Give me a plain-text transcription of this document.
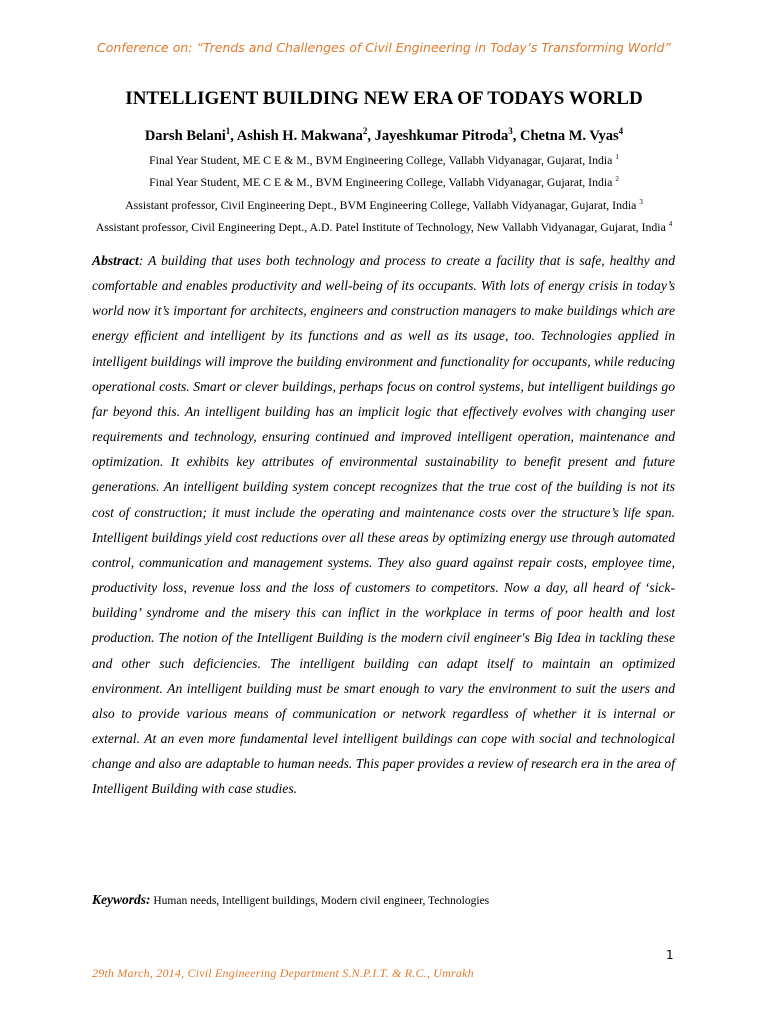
Conference on: “Trends and Challenges of Civil Engineering in Today’s Transforming World”
INTELLIGENT BUILDING NEW ERA OF TODAYS WORLD
Darsh Belani$^1$, Ashish H. Makwana$^2$, Jayeshkumar Pitroda$^3$, Chetna M. Vyas$^4$
Final Year Student, ME C E & M., BVM Engineering College, Vallabh Vidyanagar, Gujarat, India $^1$
Final Year Student, ME C E & M., BVM Engineering College, Vallabh Vidyanagar, Gujarat, India $^2$
Assistant professor, Civil Engineering Dept., BVM Engineering College, Vallabh Vidyanagar, Gujarat, India $^3$
Assistant professor, Civil Engineering Dept., A.D. Patel Institute of Technology, New Vallabh Vidyanagar, Gujarat, India $^4$
Abstract: A building that uses both technology and process to create a facility that is safe, healthy and comfortable and enables productivity and well-being of its occupants. With lots of energy crisis in today’s world now it’s important for architects, engineers and construction managers to make buildings which are energy efficient and intelligent by its functions and as well as its usage, too. Technologies applied in intelligent buildings will improve the building environment and functionality for occupants, while reducing operational costs. Smart or clever buildings, perhaps focus on control systems, but intelligent buildings go far beyond this. An intelligent building has an implicit logic that effectively evolves with changing user requirements and technology, ensuring continued and improved intelligent operation, maintenance and optimization. It exhibits key attributes of environmental sustainability to benefit present and future generations. An intelligent building system concept recognizes that the true cost of the building is not its cost of construction; it must include the operating and maintenance costs over the structure’s life span. Intelligent buildings yield cost reductions over all these areas by optimizing energy use through automated control, communication and management systems. They also guard against repair costs, employee time, productivity loss, revenue loss and the loss of customers to competitors. Now a day, all heard of ‘sick-building’ syndrome and the misery this can inflict in the workplace in terms of poor health and lost production. The notion of the Intelligent Building is the modern civil engineer's Big Idea in tackling these and other such deficiencies. The intelligent building can adapt itself to maintain an optimized environment. An intelligent building must be smart enough to vary the environment to suit the users and also to provide various means of communication or network regardless of whether it is internal or external. At an even more fundamental level intelligent buildings can cope with social and technological change and also are adaptable to human needs. This paper provides a review of research era in the area of Intelligent Building with case studies.
Keywords: Human needs, Intelligent buildings, Modern civil engineer, Technologies
1
29th March, 2014, Civil Engineering Department S.N.P.I.T. & R.C., Umrakh
